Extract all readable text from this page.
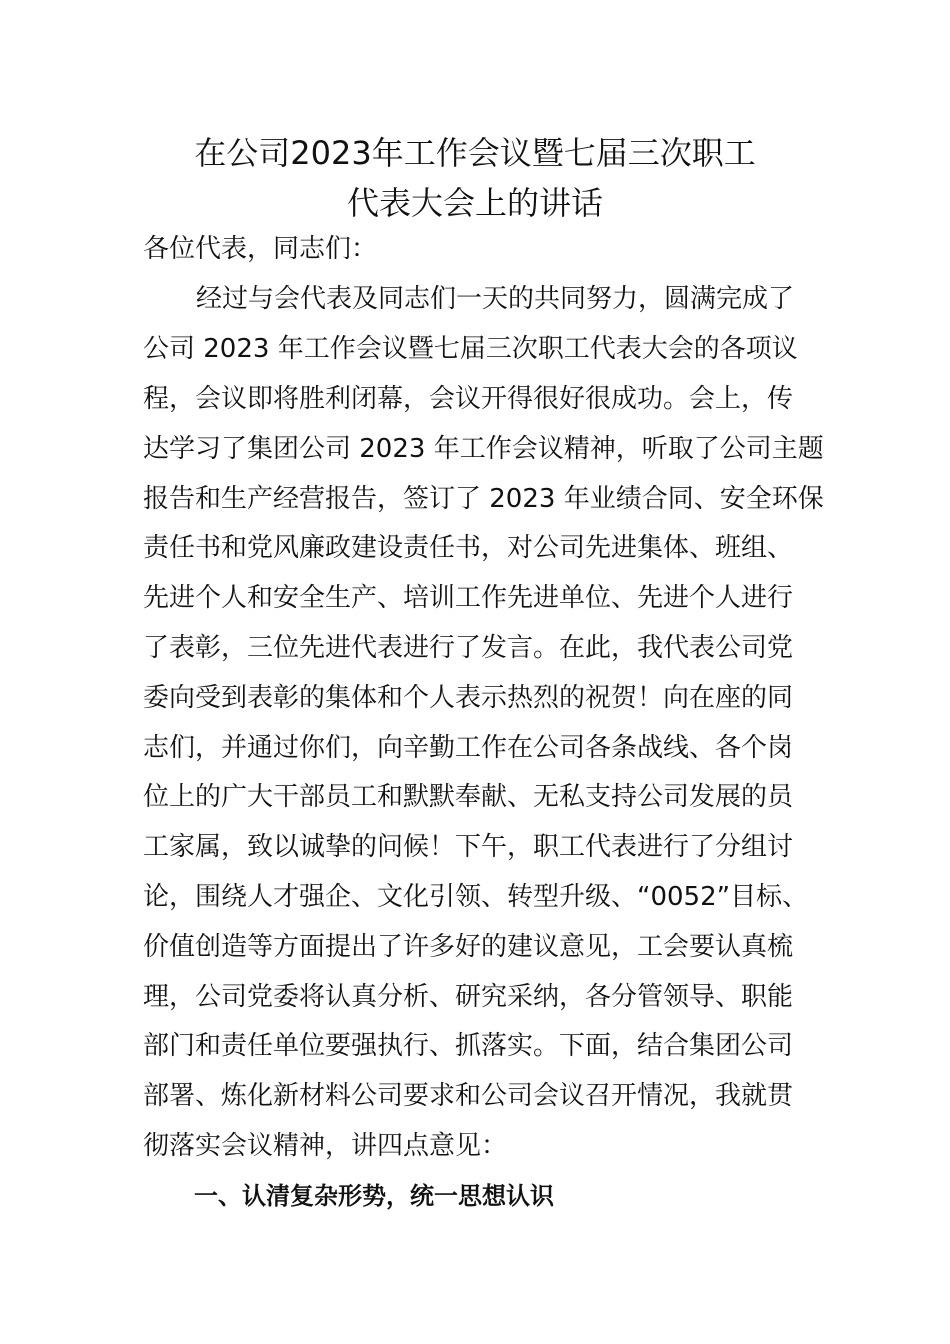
在公司2023年工作会议暨七届三次职工
代表大会上的讲话

各位代表，同志们：

经过与会代表及同志们一天的共同努力，圆满完成了

公司 2023 年工作会议暨七届三次职工代表大会的各项议

程，会议即将胜利闭幕，会议开得很好很成功。会上，传

达学习了集团公司 2023 年工作会议精神，听取了公司主题

报告和生产经营报告，签订了 2023 年业绩合同、安全环保

责任书和党风廉政建设责任书，对公司先进集体、班组、

先进个人和安全生产、培训工作先进单位、先进个人进行

了表彰，三位先进代表进行了发言。在此，我代表公司党

委向受到表彰的集体和个人表示热烈的祝贺！向在座的同

志们，并通过你们，向辛勤工作在公司各条战线、各个岗

位上的广大干部员工和默默奉献、无私支持公司发展的员

工家属，致以诚挚的问候！下午，职工代表进行了分组讨

论，围绕人才强企、文化引领、转型升级、“0052”目标、

价值创造等方面提出了许多好的建议意见，工会要认真梳

理，公司党委将认真分析、研究采纳，各分管领导、职能

部门和责任单位要强执行、抓落实。下面，结合集团公司

部署、炼化新材料公司要求和公司会议召开情况，我就贯

彻落实会议精神，讲四点意见：

一、认清复杂形势，统一思想认识
